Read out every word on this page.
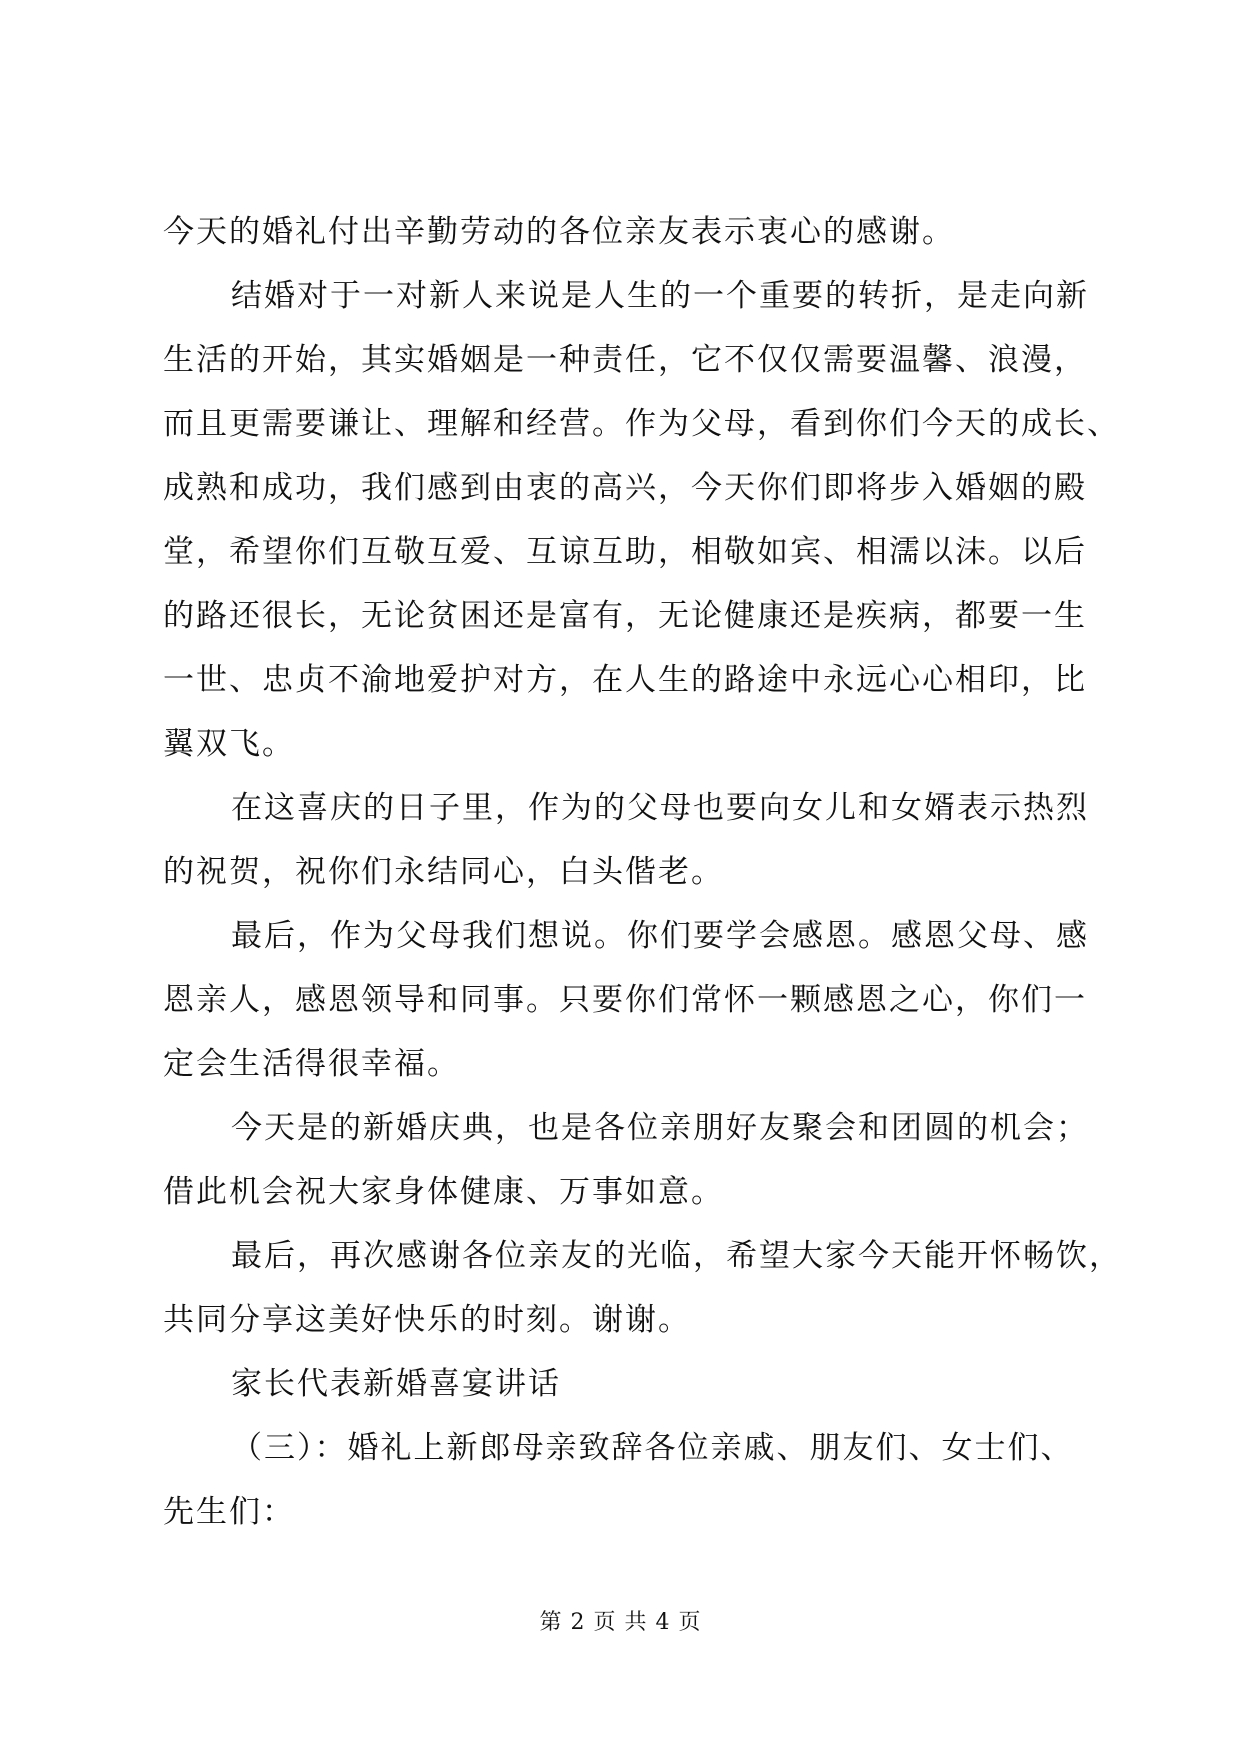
今天的婚礼付出辛勤劳动的各位亲友表示衷心的感谢。
结婚对于一对新人来说是人生的一个重要的转折，是走向新
生活的开始，其实婚姻是一种责任，它不仅仅需要温馨、浪漫，
而且更需要谦让、理解和经营。作为父母，看到你们今天的成长、
成熟和成功，我们感到由衷的高兴，今天你们即将步入婚姻的殿
堂，希望你们互敬互爱、互谅互助，相敬如宾、相濡以沫。以后
的路还很长，无论贫困还是富有，无论健康还是疾病，都要一生
一世、忠贞不渝地爱护对方，在人生的路途中永远心心相印，比
翼双飞。
在这喜庆的日子里，作为的父母也要向女儿和女婿表示热烈
的祝贺，祝你们永结同心，白头偕老。
最后，作为父母我们想说。你们要学会感恩。感恩父母、感
恩亲人，感恩领导和同事。只要你们常怀一颗感恩之心，你们一
定会生活得很幸福。
今天是的新婚庆典，也是各位亲朋好友聚会和团圆的机会；
借此机会祝大家身体健康、万事如意。
最后，再次感谢各位亲友的光临，希望大家今天能开怀畅饮，
共同分享这美好快乐的时刻。谢谢。
家长代表新婚喜宴讲话
（三）：婚礼上新郎母亲致辞各位亲戚、朋友们、女士们、
先生们：
第 2 页 共 4 页
